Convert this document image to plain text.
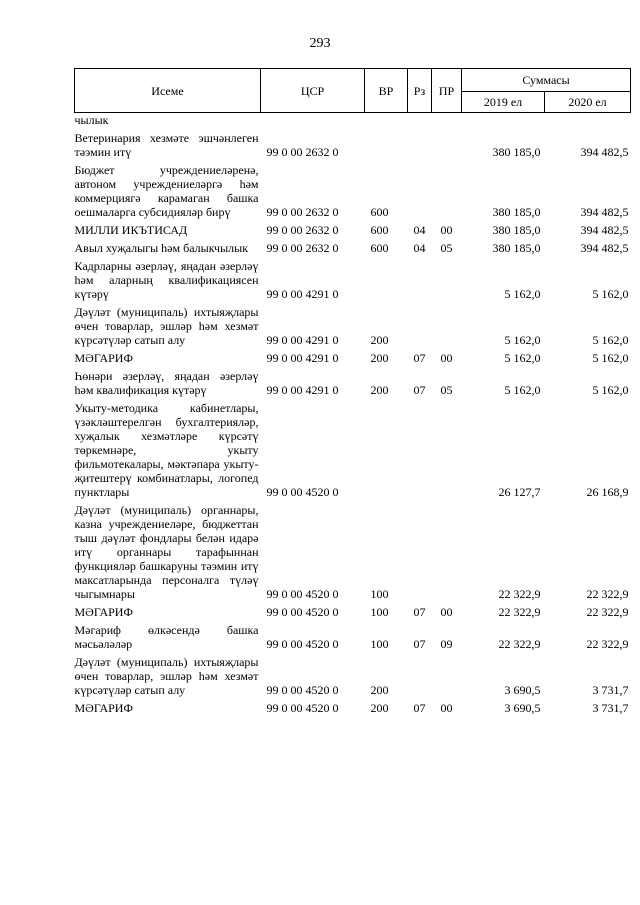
293
Исеме	ЦСР	ВР	Рз	ПР	Суммасы	
					2019 ел	2020 ел
чылык						
Ветеринария хезмәте эшчәнлеген тәэмин итү	99 0 00 2632 0				380 185,0	394 482,5
Бюджет учреждениеләренә, автоном учреждениеләргә һәм коммерциягә карамаган башка оешмаларга субсидияләр бирү	99 0 00 2632 0	600			380 185,0	394 482,5
МИЛЛИ ИКЪТИСАД	99 0 00 2632 0	600	04	00	380 185,0	394 482,5
Авыл хуҗалыгы һәм балыкчылык	99 0 00 2632 0	600	04	05	380 185,0	394 482,5
Кадрларны әзерләү, яңадан әзерләү һәм аларның квалификациясен күтәрү	99 0 00 4291 0				5 162,0	5 162,0
Дәүләт (муниципаль) ихтыяҗлары өчен товарлар, эшләр һәм хезмәт күрсәтүләр сатып алу	99 0 00 4291 0	200			5 162,0	5 162,0
МӘГАРИФ	99 0 00 4291 0	200	07	00	5 162,0	5 162,0
Һөнәри әзерләү, яңадан әзерләү һәм квалификация күтәрү	99 0 00 4291 0	200	07	05	5 162,0	5 162,0
Укыту-методика кабинетлары, үзәкләштерелгән бухгалтерияләр, хуҗалык хезмәтләре күрсәтү төркемнәре, укыту фильмотекалары, мәктәпара укыту-җитештерү комбинатлары, логопед пунктлары	99 0 00 4520 0				26 127,7	26 168,9
Дәүләт (муниципаль) органнары, казна учреждениеләре, бюджеттан тыш дәүләт фондлары белән идарә итү органнары тарафыннан функцияләр башкаруны тәэмин итү максатларында персоналга түләү чыгымнары	99 0 00 4520 0	100			22 322,9	22 322,9
МӘГАРИФ	99 0 00 4520 0	100	07	00	22 322,9	22 322,9
Мәгариф өлкәсендә башка мәсьәләләр	99 0 00 4520 0	100	07	09	22 322,9	22 322,9
Дәүләт (муниципаль) ихтыяҗлары өчен товарлар, эшләр һәм хезмәт күрсәтүләр сатып алу	99 0 00 4520 0	200			3 690,5	3 731,7
МӘГАРИФ	99 0 00 4520 0	200	07	00	3 690,5	3 731,7
